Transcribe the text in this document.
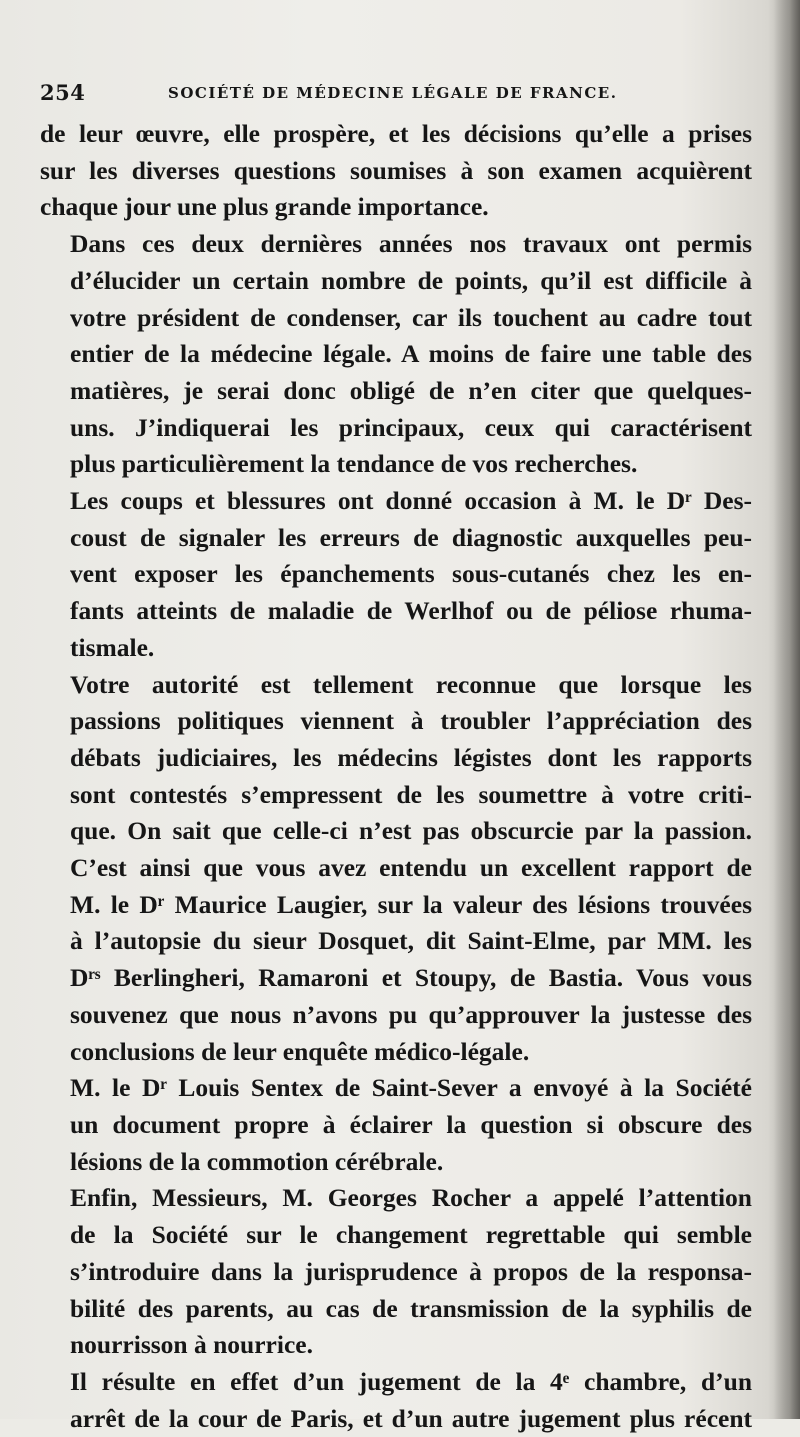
254	SOCIÉTÉ DE MÉDECINE LÉGALE DE FRANCE.

de leur œuvre, elle prospère, et les décisions qu’elle a prises
sur les diverses questions soumises à son examen acquièrent
chaque jour une plus grande importance.

Dans ces deux dernières années nos travaux ont permis
d’élucider un certain nombre de points, qu’il est difficile à
votre président de condenser, car ils touchent au cadre tout
entier de la médecine légale. A moins de faire une table des
matières, je serai donc obligé de n’en citer que quelques-
uns. J’indiquerai les principaux, ceux qui caractérisent
plus particulièrement la tendance de vos recherches.

Les coups et blessures ont donné occasion à M. le Dʳ Des-
coust de signaler les erreurs de diagnostic auxquelles peu-
vent exposer les épanchements sous-cutanés chez les en-
fants atteints de maladie de Werlhof ou de péliose rhuma-
tismale.

Votre autorité est tellement reconnue que lorsque les
passions politiques viennent à troubler l’appréciation des
débats judiciaires, les médecins légistes dont les rapports
sont contestés s’empressent de les soumettre à votre criti-
que. On sait que celle-ci n’est pas obscurcie par la passion.
C’est ainsi que vous avez entendu un excellent rapport de
M. le Dʳ Maurice Laugier, sur la valeur des lésions trouvées
à l’autopsie du sieur Dosquet, dit Saint-Elme, par MM. les
Dʳˢ Berlingheri, Ramaroni et Stoupy, de Bastia. Vous vous
souvenez que nous n’avons pu qu’approuver la justesse des
conclusions de leur enquête médico-légale.

M. le Dʳ Louis Sentex de Saint-Sever a envoyé à la Société
un document propre à éclairer la question si obscure des
lésions de la commotion cérébrale.

Enfin, Messieurs, M. Georges Rocher a appelé l’attention
de la Société sur le changement regrettable qui semble
s’introduire dans la jurisprudence à propos de la responsa-
bilité des parents, au cas de transmission de la syphilis de
nourrisson à nourrice.

Il résulte en effet d’un jugement de la 4ᵉ chambre, d’un
arrêt de la cour de Paris, et d’un autre jugement plus récent
